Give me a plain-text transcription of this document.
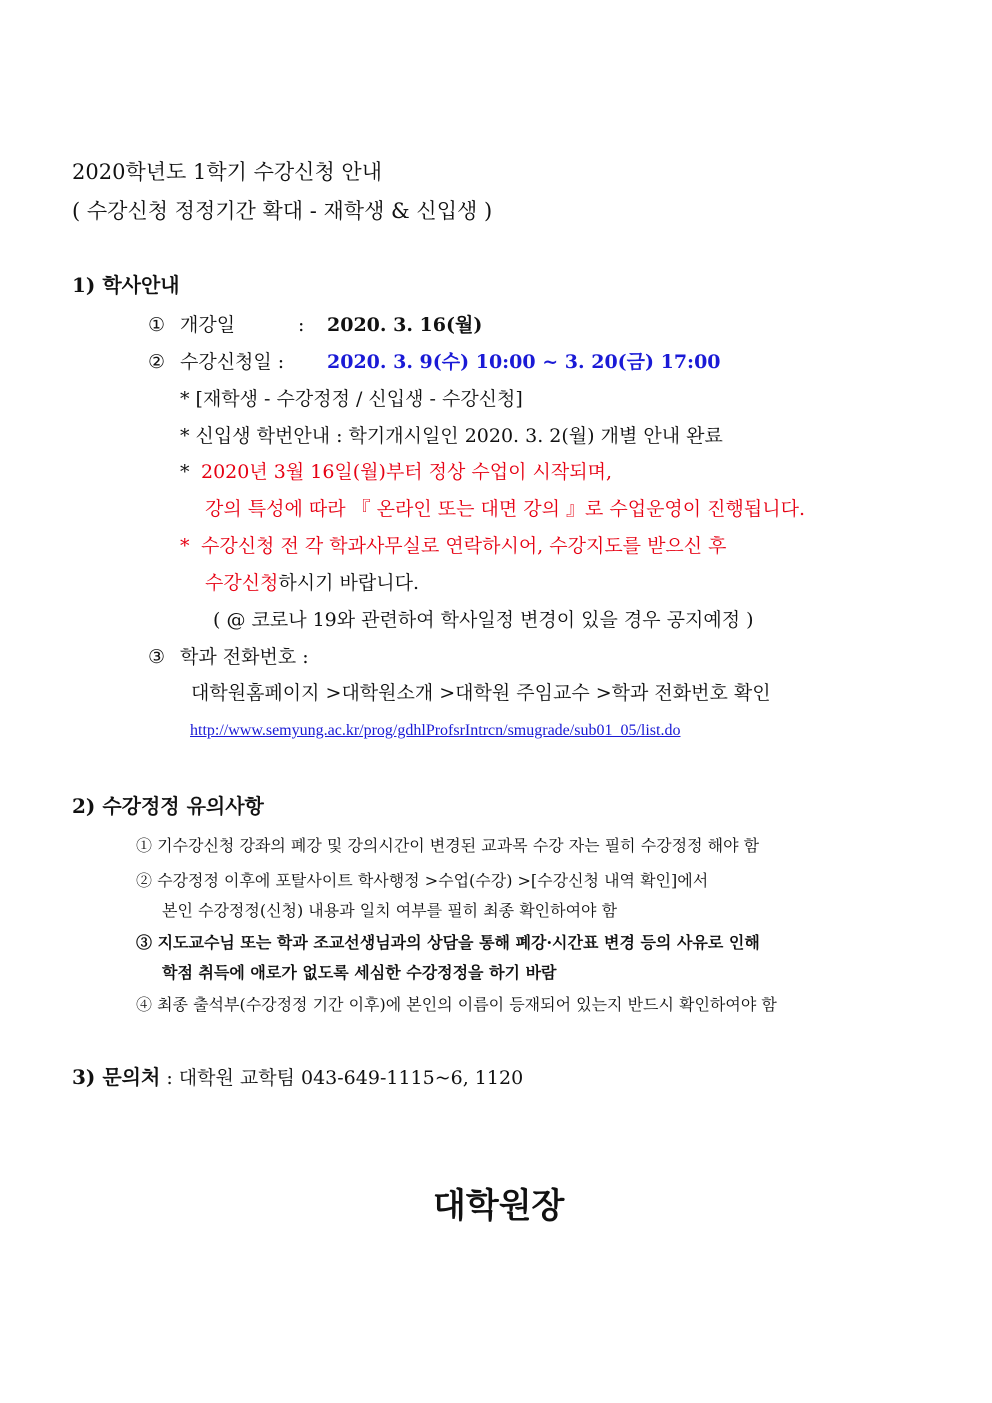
2020학년도 1학기 수강신청 안내
( 수강신청 정정기간 확대 - 재학생 & 신입생 )
1) 학사안내
① 개강일	: 2020. 3. 16(월)
② 수강신청일 : 2020. 3. 9(수) 10:00 ~ 3. 20(금) 17:00
* [재학생 - 수강정정 / 신입생 - 수강신청]
* 신입생 학번안내 : 학기개시일인 2020. 3. 2(월) 개별 안내 완료
* 2020년 3월 16일(월)부터 정상 수업이 시작되며,
강의 특성에 따라 『 온라인 또는 대면 강의 』로 수업운영이 진행됩니다.
* 수강신청 전 각 학과사무실로 연락하시어, 수강지도를 받으신 후
수강신청하시기 바랍니다.
( @ 코로나 19와 관련하여 학사일정 변경이 있을 경우 공지예정 )
③ 학과 전화번호 :
대학원홈페이지 >대학원소개 >대학원 주임교수 >학과 전화번호 확인
http://www.semyung.ac.kr/prog/gdhlProfsrIntrcn/smugrade/sub01_05/list.do
2) 수강정정 유의사항
① 기수강신청 강좌의 폐강 및 강의시간이 변경된 교과목 수강 자는 필히 수강정정 해야 함
② 수강정정 이후에 포탈사이트 학사행정 >수업(수강) >[수강신청 내역 확인]에서
본인 수강정정(신청) 내용과 일치 여부를 필히 최종 확인하여야 함
③ 지도교수님 또는 학과 조교선생님과의 상담을 통해 폐강·시간표 변경 등의 사유로 인해
학점 취득에 애로가 없도록 세심한 수강정정을 하기 바람
④ 최종 출석부(수강정정 기간 이후)에 본인의 이름이 등재되어 있는지 반드시 확인하여야 함
3) 문의처 : 대학원 교학팀 043-649-1115~6, 1120
대학원장
